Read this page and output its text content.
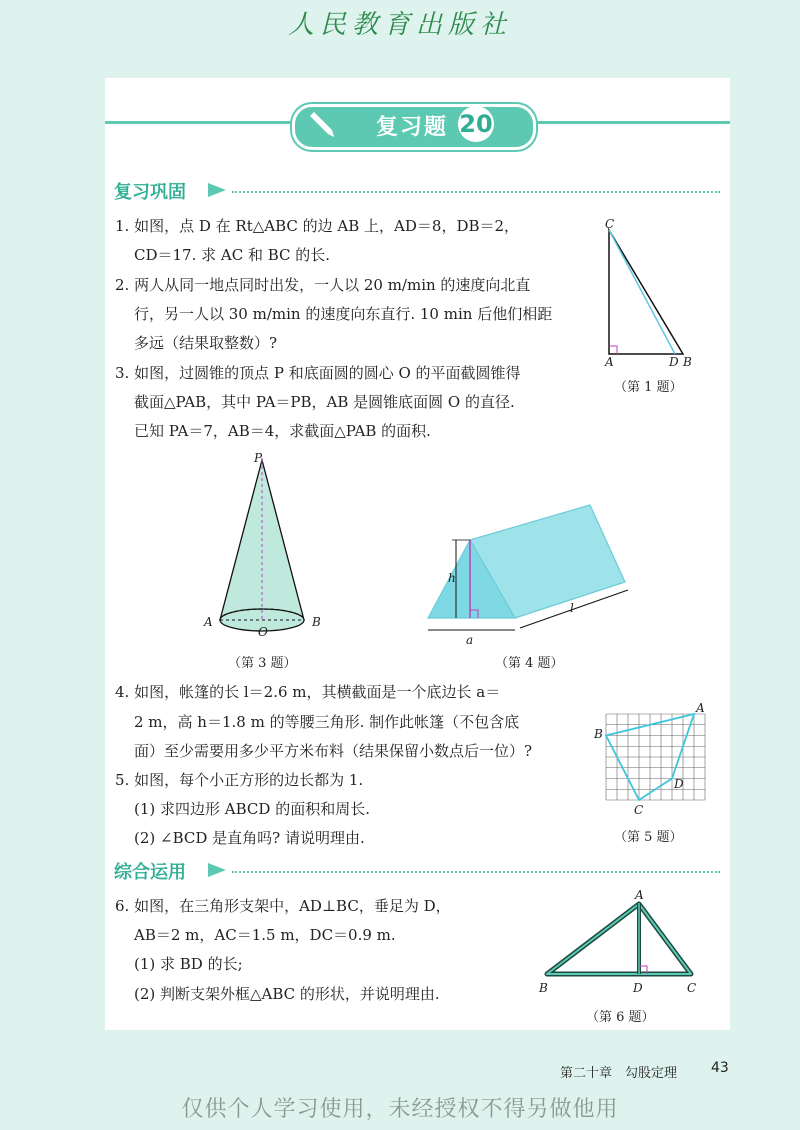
人民教育出版社
复习题 20
复习巩固
1. 如图，点 D 在 Rt△ABC 的边 AB 上，AD＝8，DB＝2，
CD＝17. 求 AC 和 BC 的长.
2. 两人从同一地点同时出发，一人以 20 m/min 的速度向北直
行，另一人以 30 m/min 的速度向东直行. 10 min 后他们相距
多远（结果取整数）?
3. 如图，过圆锥的顶点 P 和底面圆的圆心 O 的平面截圆锥得
截面△PAB，其中 PA＝PB，AB 是圆锥底面圆 O 的直径.
已知 PA＝7，AB＝4，求截面△PAB 的面积.
C
A	D B
（第 1 题）
P
A
O
B
（第 3 题）
h
a
l
（第 4 题）
4. 如图，帐篷的长 l＝2.6 m，其横截面是一个底边长 a＝
2 m，高 h＝1.8 m 的等腰三角形. 制作此帐篷（不包含底
面）至少需要用多少平方米布料（结果保留小数点后一位）?
5. 如图，每个小正方形的边长都为 1.
(1) 求四边形 ABCD 的面积和周长.
(2) ∠BCD 是直角吗? 请说明理由.
A
B
C
D
（第 5 题）
综合运用
6. 如图，在三角形支架中，AD⊥BC，垂足为 D，
AB＝2 m，AC＝1.5 m，DC＝0.9 m.
(1) 求 BD 的长;
(2) 判断支架外框△ABC 的形状，并说明理由.
A
B	D	C
（第 6 题）
第二十章　勾股定理 43
仅供个人学习使用，未经授权不得另做他用
